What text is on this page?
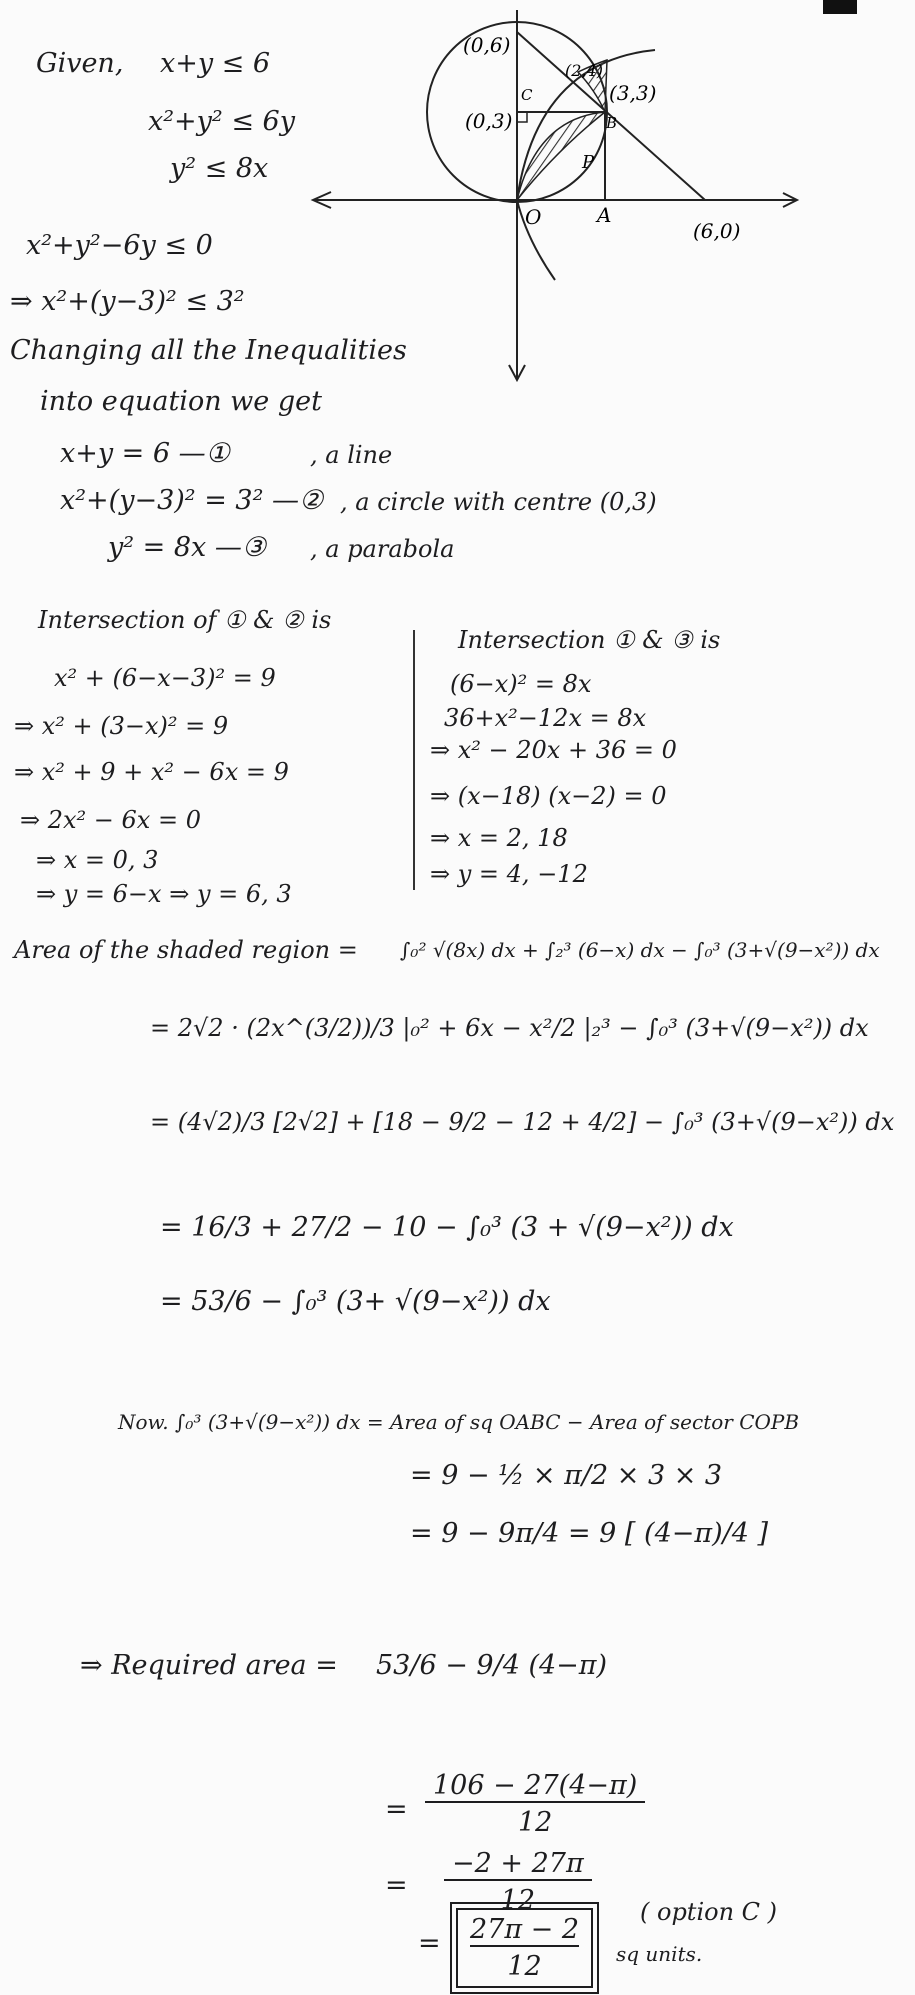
Given, x+y ≤ 6
x²+y² ≤ 6y
y² ≤ 8x
(0,6)
(0,3)
(2,4)
(3,3)
B
C
P
O	A
(6,0)
x²+y²−6y ≤ 0
⇒ x²+(y−3)² ≤ 3²
Changing all the Inequalities
into equation we get
x+y = 6 —①	, a line
x²+(y−3)² = 3² —② , a circle with centre (0,3)
y² = 8x —③ , a parabola
Intersection of ① & ② is
x² + (6−x−3)² = 9
⇒ x² + (3−x)² = 9
⇒ x² + 9 + x² − 6x = 9
⇒ 2x² − 6x = 0
⇒ x = 0, 3
⇒ y = 6−x ⇒ y = 6, 3
Intersection ① & ③ is
(6−x)² = 8x
36+x²−12x = 8x
⇒ x² − 20x + 36 = 0
⇒ (x−18) (x−2) = 0
⇒ x = 2, 18
⇒ y = 4, −12
Area of the shaded region = ∫₀² √(8x) dx + ∫₂³ (6−x) dx − ∫₀³ (3+√(9−x²)) dx
= 2√2 · (2x^(3/2))/3 |₀² + 6x − x²/2 |₂³ − ∫₀³ (3+√(9−x²)) dx
= (4√2)/3 [2√2] + [18 − 9/2 − 12 + 4/2] − ∫₀³ (3+√(9−x²)) dx
= 16/3 + 27/2 − 10 − ∫₀³ (3 + √(9−x²)) dx
= 53/6 − ∫₀³ (3+ √(9−x²)) dx
Now. ∫₀³ (3+√(9−x²)) dx = Area of sq OABC − Area of sector COPB
= 9 − ½ × π/2 × 3 × 3
= 9 − 9π/4 = 9 [ (4−π)/4 ]
⇒ Required area = 53/6 − 9/4 (4−π)
= $\frac{106 - 27(4-\pi)}{12}$
= $\frac{-2 + 27\pi}{12}$
= 27π − 2
12
( option C )
sq units.
